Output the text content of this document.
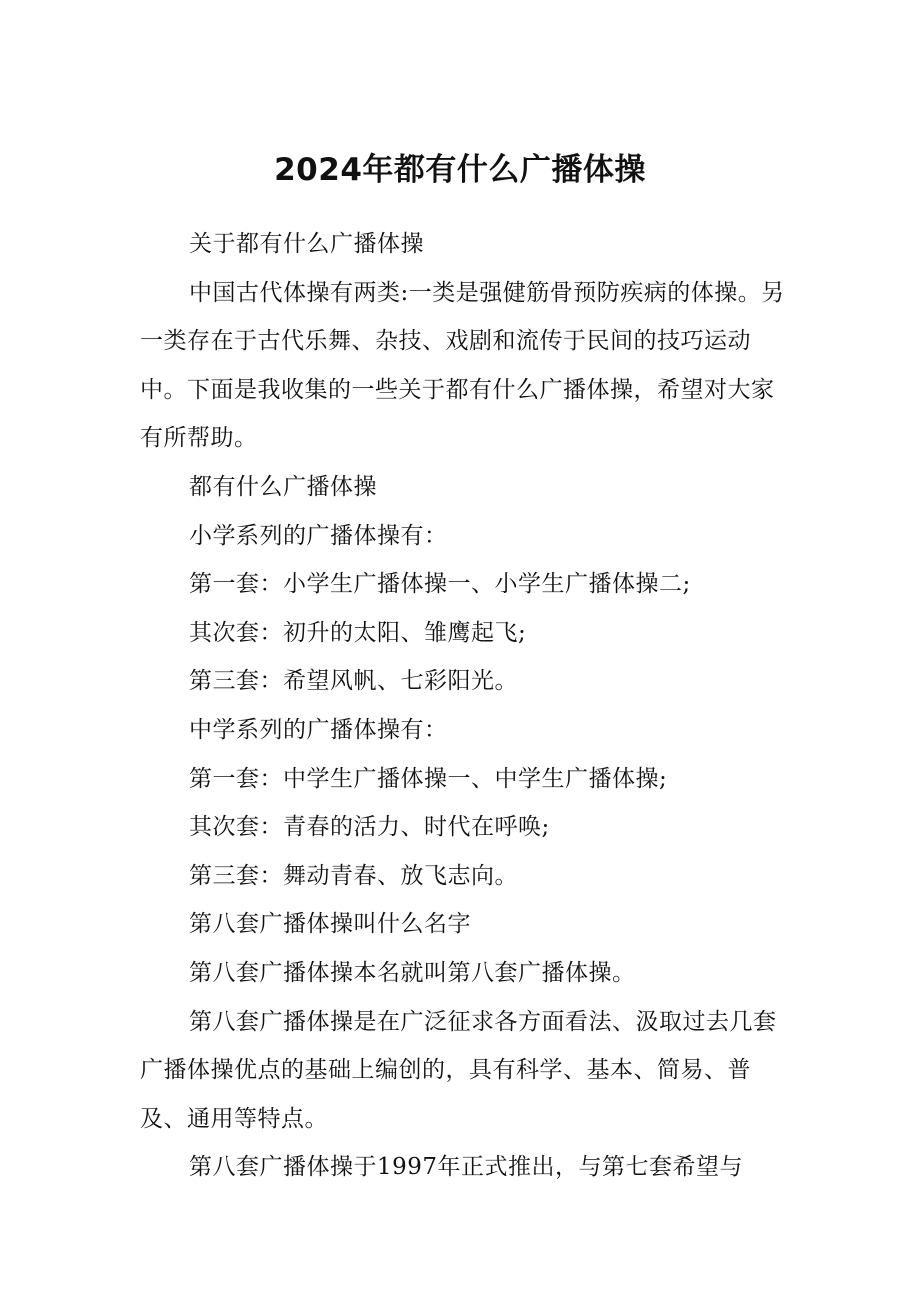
2024年都有什么广播体操

关于都有什么广播体操

中国古代体操有两类:一类是强健筋骨预防疾病的体操。另一类存在于古代乐舞、杂技、戏剧和流传于民间的技巧运动中。下面是我收集的一些关于都有什么广播体操，希望对大家有所帮助。

都有什么广播体操

小学系列的广播体操有：

第一套：小学生广播体操一、小学生广播体操二;

其次套：初升的太阳、雏鹰起飞;

第三套：希望风帆、七彩阳光。

中学系列的广播体操有：

第一套：中学生广播体操一、中学生广播体操;

其次套：青春的活力、时代在呼唤;

第三套：舞动青春、放飞志向。

第八套广播体操叫什么名字

第八套广播体操本名就叫第八套广播体操。

第八套广播体操是在广泛征求各方面看法、汲取过去几套广播体操优点的基础上编创的，具有科学、基本、简易、普及、通用等特点。

第八套广播体操于1997年正式推出，与第七套希望与
